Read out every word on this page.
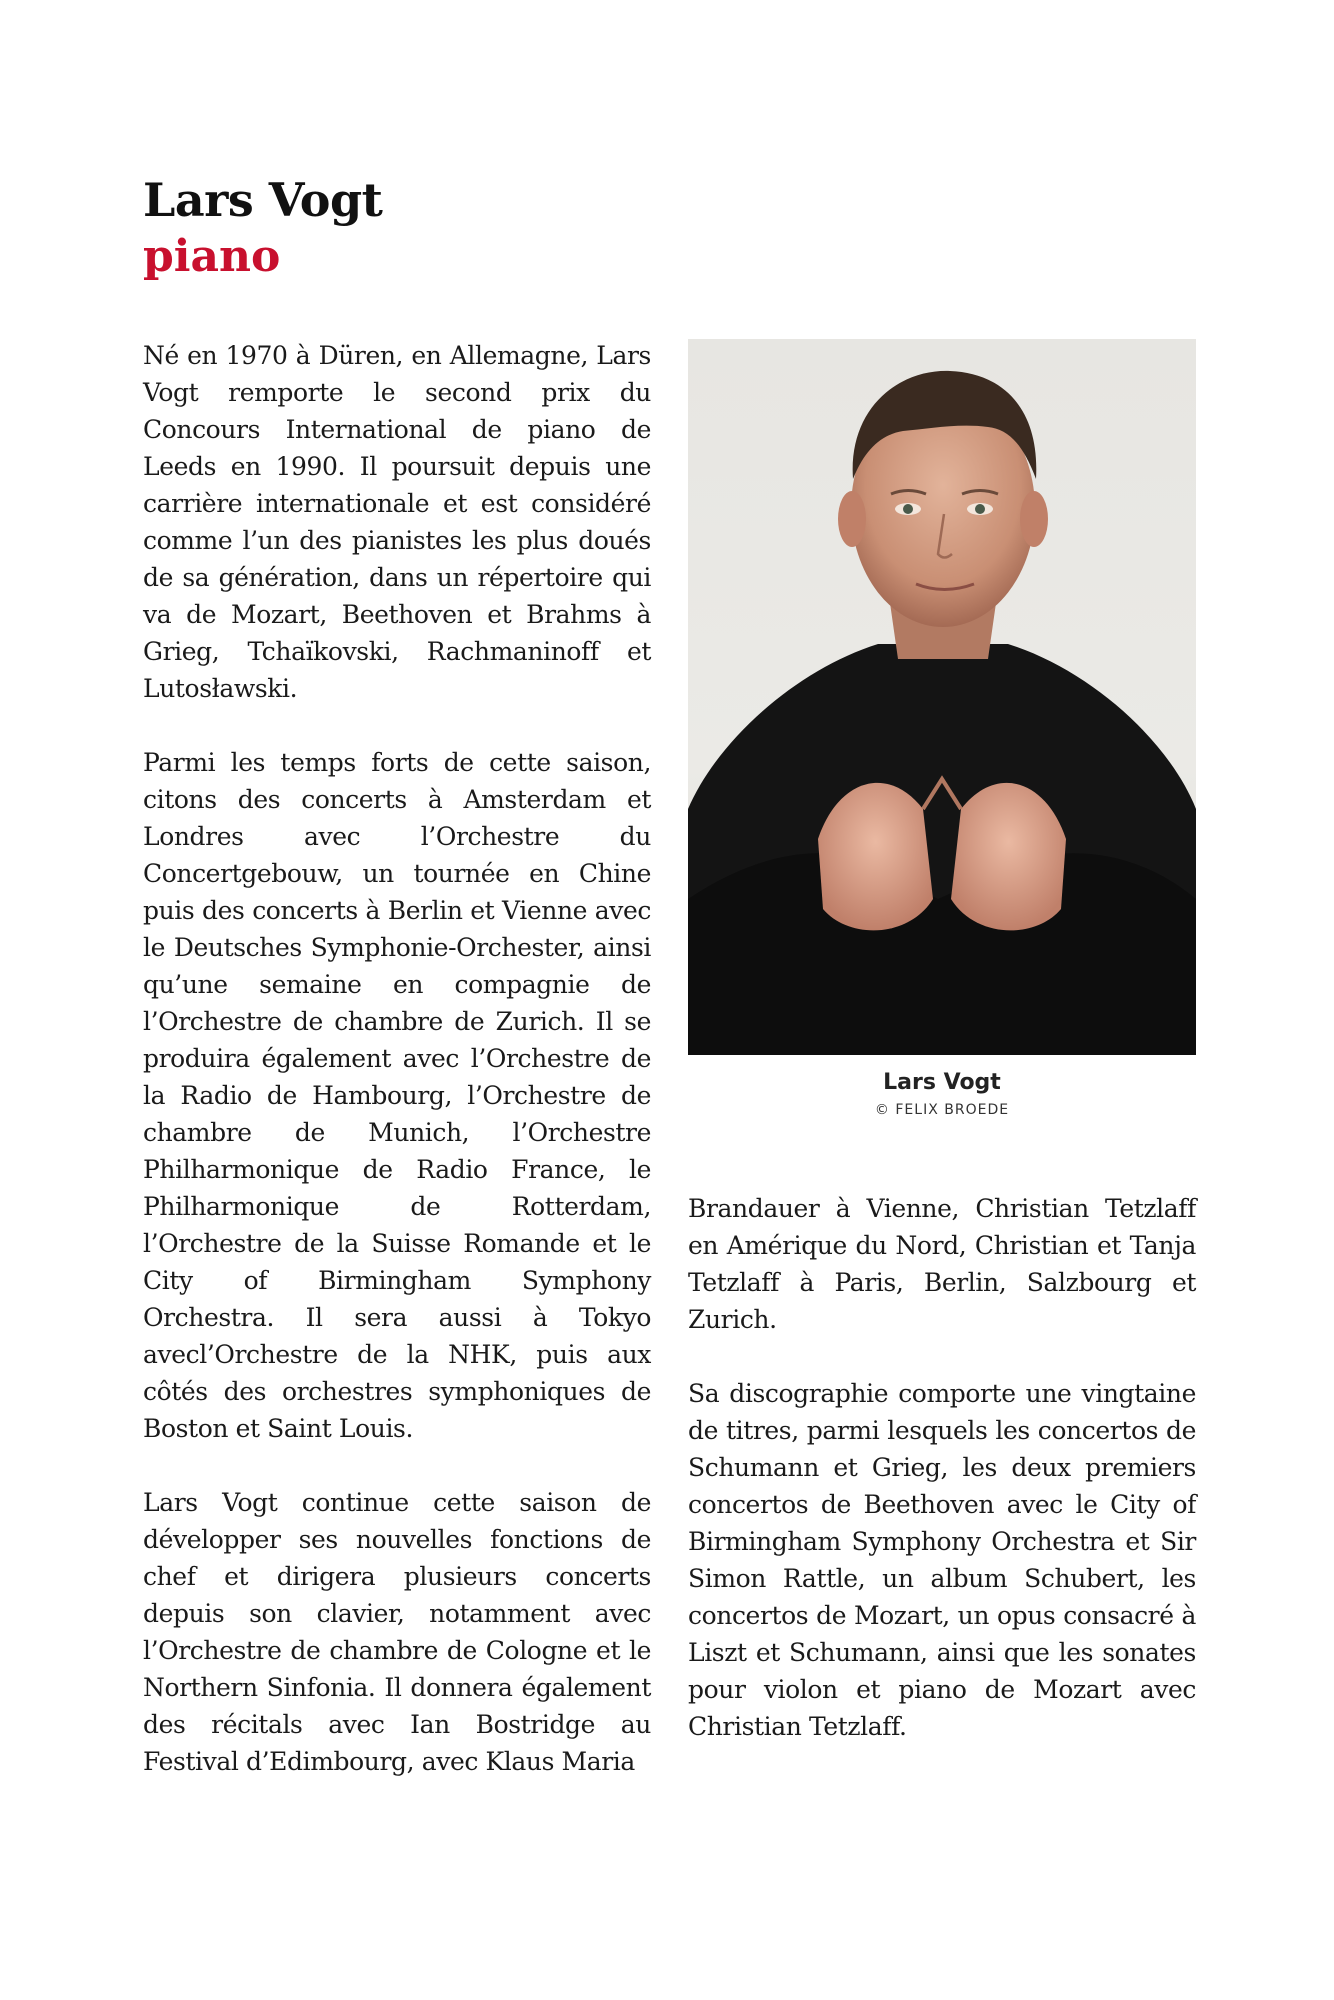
Lars Vogt
piano

Né en 1970 à Düren, en Allemagne, Lars Vogt remporte le second prix du Concours International de piano de Leeds en 1990. Il poursuit depuis une carrière internationale et est considéré comme l’un des pianistes les plus doués de sa génération, dans un répertoire qui va de Mozart, Beethoven et Brahms à Grieg, Tchaïkovski, Rachmaninoff et Lutosławski.

Parmi les temps forts de cette saison, citons des concerts à Amsterdam et Londres avec l’Orchestre du Concertgebouw, un tournée en Chine puis des concerts à Berlin et Vienne avec le Deutsches Symphonie-Orchester, ainsi qu’une semaine en compagnie de l’Orchestre de chambre de Zurich. Il se produira également avec l’Orchestre de la Radio de Hambourg, l’Orchestre de chambre de Munich, l’Orchestre Philharmonique de Radio France, le Philharmonique de Rotterdam, l’Orchestre de la Suisse Romande et le City of Birmingham Symphony Orchestra. Il sera aussi à Tokyo avecl’Orchestre de la NHK, puis aux côtés des orchestres symphoniques de Boston et Saint Louis.

Lars Vogt continue cette saison de développer ses nouvelles fonctions de chef et dirigera plusieurs concerts depuis son clavier, notamment avec l’Orchestre de chambre de Cologne et le Northern Sinfonia. Il donnera également des récitals avec Ian Bostridge au Festival d’Edimbourg, avec Klaus Maria

Lars Vogt
© FELIX BROEDE

Brandauer à Vienne, Christian Tetzlaff en Amérique du Nord, Christian et Tanja Tetzlaff à Paris, Berlin, Salzbourg et Zurich.

Sa discographie comporte une vingtaine de titres, parmi lesquels les concertos de Schumann et Grieg, les deux premiers concertos de Beethoven avec le City of Birmingham Symphony Orchestra et Sir Simon Rattle, un album Schubert, les concertos de Mozart, un opus consacré à Liszt et Schumann, ainsi que les sonates pour violon et piano de Mozart avec Christian Tetzlaff.
